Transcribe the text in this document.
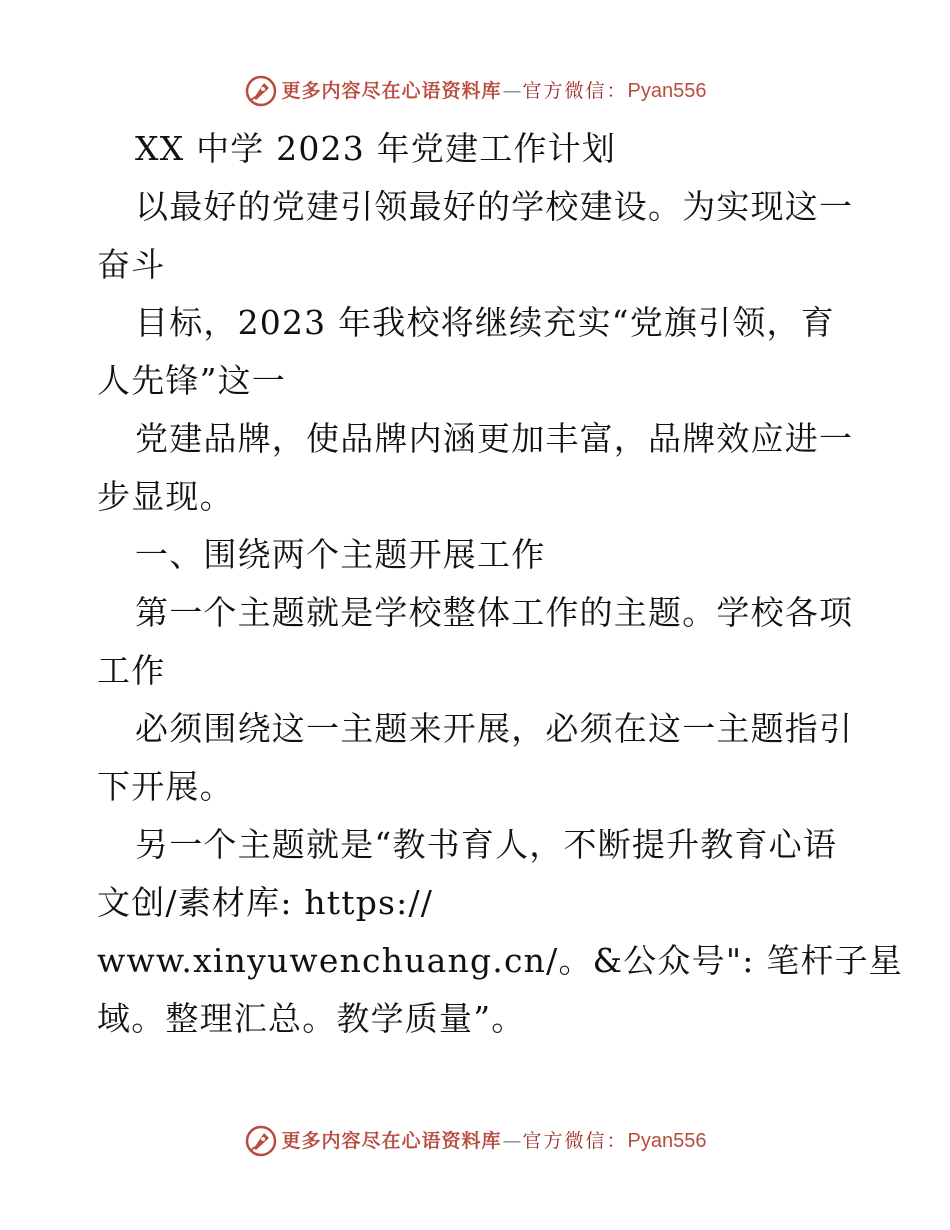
更多内容尽在心语资料库 — 官方微信： Pyan556
XX 中学 2023 年党建工作计划
以最好的党建引领最好的学校建设。为实现这一
奋斗
目标，2023 年我校将继续充实“党旗引领，育
人先锋”这一
党建品牌，使品牌内涵更加丰富，品牌效应进一
步显现。
一、围绕两个主题开展工作
第一个主题就是学校整体工作的主题。学校各项
工作
必须围绕这一主题来开展，必须在这一主题指引
下开展。
另一个主题就是“教书育人，不断提升教育心语
文创/素材库: https://
www.xinyuwenchuang.cn/。&公众号": 笔杆子星
域。整理汇总。教学质量”。
更多内容尽在心语资料库 — 官方微信： Pyan556
